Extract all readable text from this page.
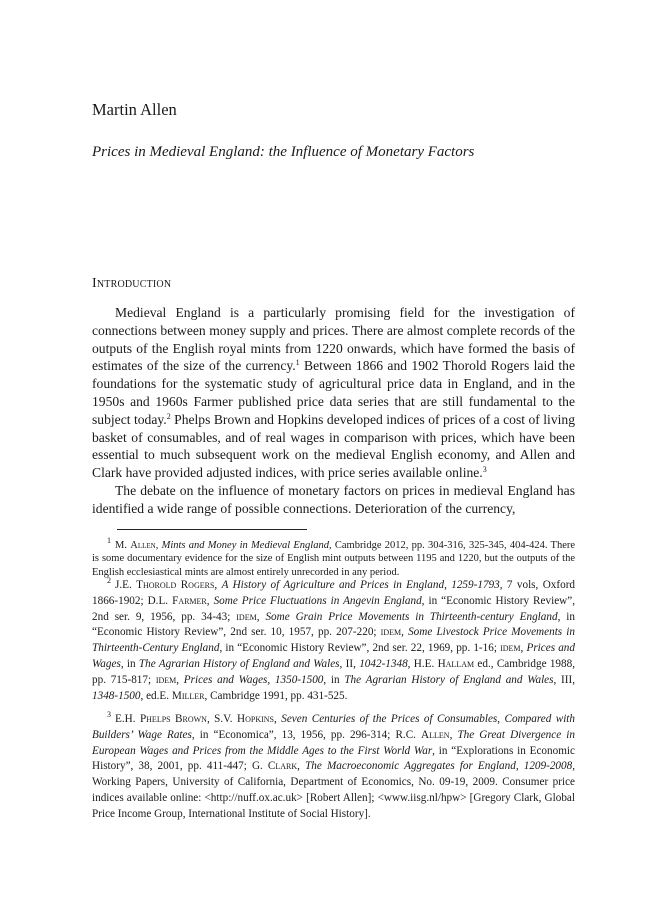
Martin Allen
Prices in Medieval England: the Influence of Monetary Factors
Introduction

Medieval England is a particularly promising field for the investigation of connections between money supply and prices. There are almost complete records of the outputs of the English royal mints from 1220 onwards, which have formed the basis of estimates of the size of the currency.$^1$ Between 1866 and 1902 Thorold Rogers laid the foundations for the systematic study of agricultural price data in England, and in the 1950s and 1960s Farmer published price data series that are still fundamental to the subject today.$^2$ Phelps Brown and Hopkins developed indices of prices of a cost of living basket of consumables, and of real wages in comparison with prices, which have been essential to much subsequent work on the medieval English economy, and Allen and Clark have provided adjusted indices, with price series available online.$^3$

The debate on the influence of monetary factors on prices in medieval England has identified a wide range of possible connections. Deterioration of the currency,

$^1$ M. Allen, Mints and Money in Medieval England, Cambridge 2012, pp. 304-316, 325-345, 404-424. There is some documentary evidence for the size of English mint outputs between 1195 and 1220, but the outputs of the English ecclesiastical mints are almost entirely unrecorded in any period.

$^2$ J.E. Thorold Rogers, A History of Agriculture and Prices in England, 1259-1793, 7 vols, Oxford 1866-1902; D.L. Farmer, Some Price Fluctuations in Angevin England, in “Economic History Review”, 2nd ser. 9, 1956, pp. 34-43; idem, Some Grain Price Movements in Thirteenth-century England, in “Economic History Review”, 2nd ser. 10, 1957, pp. 207-220; idem, Some Livestock Price Movements in Thirteenth-Century England, in “Economic History Review”, 2nd ser. 22, 1969, pp. 1-16; idem, Prices and Wages, in The Agrarian History of England and Wales, II, 1042-1348, H.E. Hallam ed., Cambridge 1988, pp. 715-817; idem, Prices and Wages, 1350-1500, in The Agrarian History of England and Wales, III, 1348-1500, ed.E. Miller, Cambridge 1991, pp. 431-525.

$^3$ E.H. Phelps Brown, S.V. Hopkins, Seven Centuries of the Prices of Consumables, Compared with Builders’ Wage Rates, in “Economica”, 13, 1956, pp. 296-314; R.C. Allen, The Great Divergence in European Wages and Prices from the Middle Ages to the First World War, in “Explorations in Economic History”, 38, 2001, pp. 411-447; G. Clark, The Macroeconomic Aggregates for England, 1209-2008, Working Papers, University of California, Department of Economics, No. 09-19, 2009. Consumer price indices available online: <http://nuff.ox.ac.uk> [Robert Allen]; <www.iisg.nl/hpw> [Gregory Clark, Global Price Income Group, International Institute of Social History].
